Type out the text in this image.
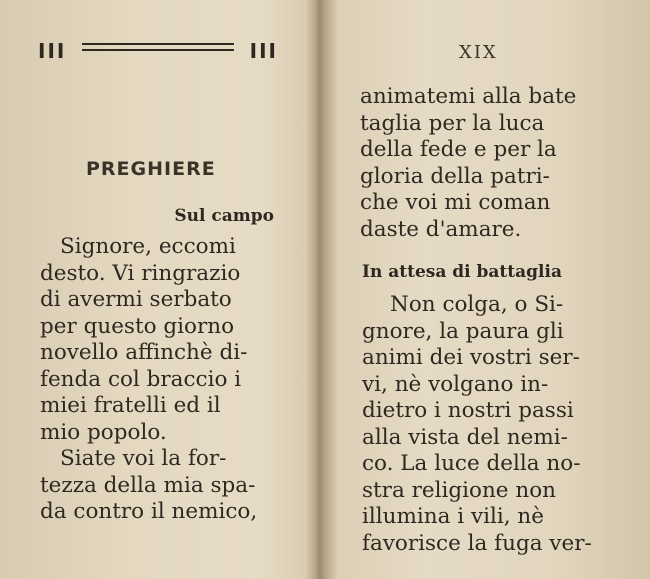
III	III
PREGHIERE
Sul campo
Signore, eccomi
desto. Vi ringrazio
di avermi serbato
per questo giorno
novello affinchè di-
fenda col braccio i
miei fratelli ed il
mio popolo.
Siate voi la for-
tezza della mia spa-
da contro il nemico,
XIX
animatemi alla bate
taglia per la luca
della fede e per la
gloria della patri-
che voi mi coman
daste d'amare.
In attesa di battaglia
Non colga, o Si-
gnore, la paura gli
animi dei vostri ser-
vi, nè volgano in-
dietro i nostri passi
alla vista del nemi-
co. La luce della no-
stra religione non
illumina i vili, nè
favorisce la fuga ver-
